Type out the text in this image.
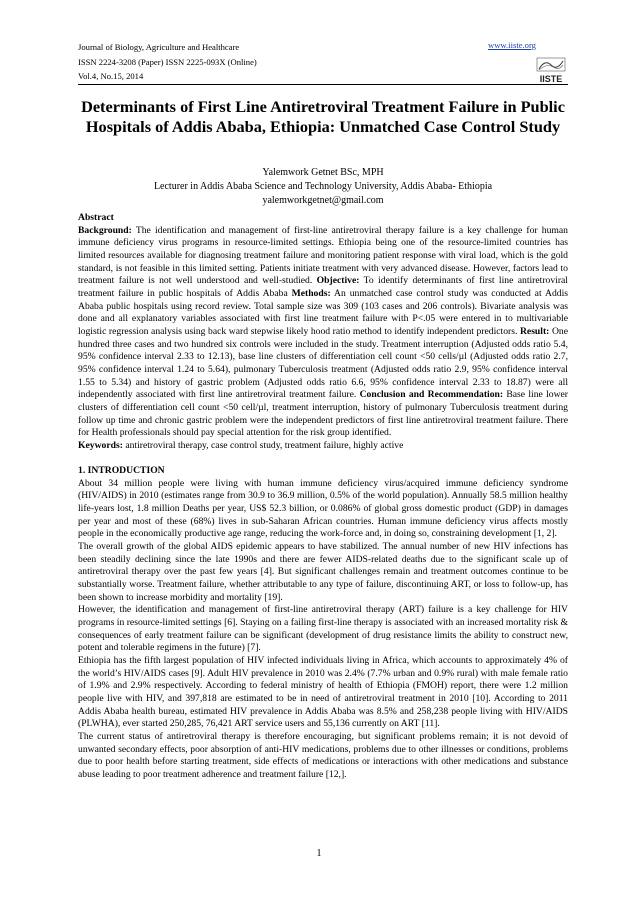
Journal of Biology, Agriculture and Healthcare
ISSN 2224-3208 (Paper) ISSN 2225-093X (Online)
Vol.4, No.15, 2014
www.iiste.org
IISTE
Determinants of First Line Antiretroviral Treatment Failure in Public Hospitals of Addis Ababa, Ethiopia: Unmatched Case Control Study
Yalemwork Getnet BSc, MPH
Lecturer in Addis Ababa Science and Technology University, Addis Ababa- Ethiopia
yalemworkgetnet@gmail.com

Abstract

Background: The identification and management of first-line antiretroviral therapy failure is a key challenge for human immune deficiency virus programs in resource-limited settings. Ethiopia being one of the resource-limited countries has limited resources available for diagnosing treatment failure and monitoring patient response with viral load, which is the gold standard, is not feasible in this limited setting. Patients initiate treatment with very advanced disease. However, factors lead to treatment failure is not well understood and well-studied. Objective: To identify determinants of first line antiretroviral treatment failure in public hospitals of Addis Ababa Methods: An unmatched case control study was conducted at Addis Ababa public hospitals using record review. Total sample size was 309 (103 cases and 206 controls). Bivariate analysis was done and all explanatory variables associated with first line treatment failure with P<.05 were entered in to multivariable logistic regression analysis using back ward stepwise likely hood ratio method to identify independent predictors. Result: One hundred three cases and two hundred six controls were included in the study. Treatment interruption (Adjusted odds ratio 5.4, 95% confidence interval 2.33 to 12.13), base line clusters of differentiation cell count <50 cells/µl (Adjusted odds ratio 2.7, 95% confidence interval 1.24 to 5.64), pulmonary Tuberculosis treatment (Adjusted odds ratio 2.9, 95% confidence interval 1.55 to 5.34) and history of gastric problem (Adjusted odds ratio 6.6, 95% confidence interval 2.33 to 18.87) were all independently associated with first line antiretroviral treatment failure. Conclusion and Recommendation: Base line lower clusters of differentiation cell count <50 cell/µl, treatment interruption, history of pulmonary Tuberculosis treatment during follow up time and chronic gastric problem were the independent predictors of first line antiretroviral treatment failure. There for Health professionals should pay special attention for the risk group identified.

Keywords: antiretroviral therapy, case control study, treatment failure, highly active

1. INTRODUCTION

About 34 million people were living with human immune deficiency virus/acquired immune deficiency syndrome (HIV/AIDS) in 2010 (estimates range from 30.9 to 36.9 million, 0.5% of the world population). Annually 58.5 million healthy life-years lost, 1.8 million Deaths per year, US$ 52.3 billion, or 0.086% of global gross domestic product (GDP) in damages per year and most of these (68%) lives in sub-Saharan African countries. Human immune deficiency virus affects mostly people in the economically productive age range, reducing the work-force and, in doing so, constraining development [1, 2].

The overall growth of the global AIDS epidemic appears to have stabilized. The annual number of new HIV infections has been steadily declining since the late 1990s and there are fewer AIDS-related deaths due to the significant scale up of antiretroviral therapy over the past few years [4]. But significant challenges remain and treatment outcomes continue to be substantially worse. Treatment failure, whether attributable to any type of failure, discontinuing ART, or loss to follow-up, has been shown to increase morbidity and mortality [19].

However, the identification and management of first-line antiretroviral therapy (ART) failure is a key challenge for HIV programs in resource-limited settings [6]. Staying on a failing first-line therapy is associated with an increased mortality risk & consequences of early treatment failure can be significant (development of drug resistance limits the ability to construct new, potent and tolerable regimens in the future) [7].

Ethiopia has the fifth largest population of HIV infected individuals living in Africa, which accounts to approximately 4% of the world’s HIV/AIDS cases [9]. Adult HIV prevalence in 2010 was 2.4% (7.7% urban and 0.9% rural) with male female ratio of 1.9% and 2.9% respectively. According to federal ministry of health of Ethiopia (FMOH) report, there were 1.2 million people live with HIV, and 397,818 are estimated to be in need of antiretroviral treatment in 2010 [10]. According to 2011 Addis Ababa health bureau, estimated HIV prevalence in Addis Ababa was 8.5% and 258,238 people living with HIV/AIDS (PLWHA), ever started 250,285, 76,421 ART service users and 55,136 currently on ART [11].

The current status of antiretroviral therapy is therefore encouraging, but significant problems remain; it is not devoid of unwanted secondary effects, poor absorption of anti-HIV medications, problems due to other illnesses or conditions, problems due to poor health before starting treatment, side effects of medications or interactions with other medications and substance abuse leading to poor treatment adherence and treatment failure [12,].

1
